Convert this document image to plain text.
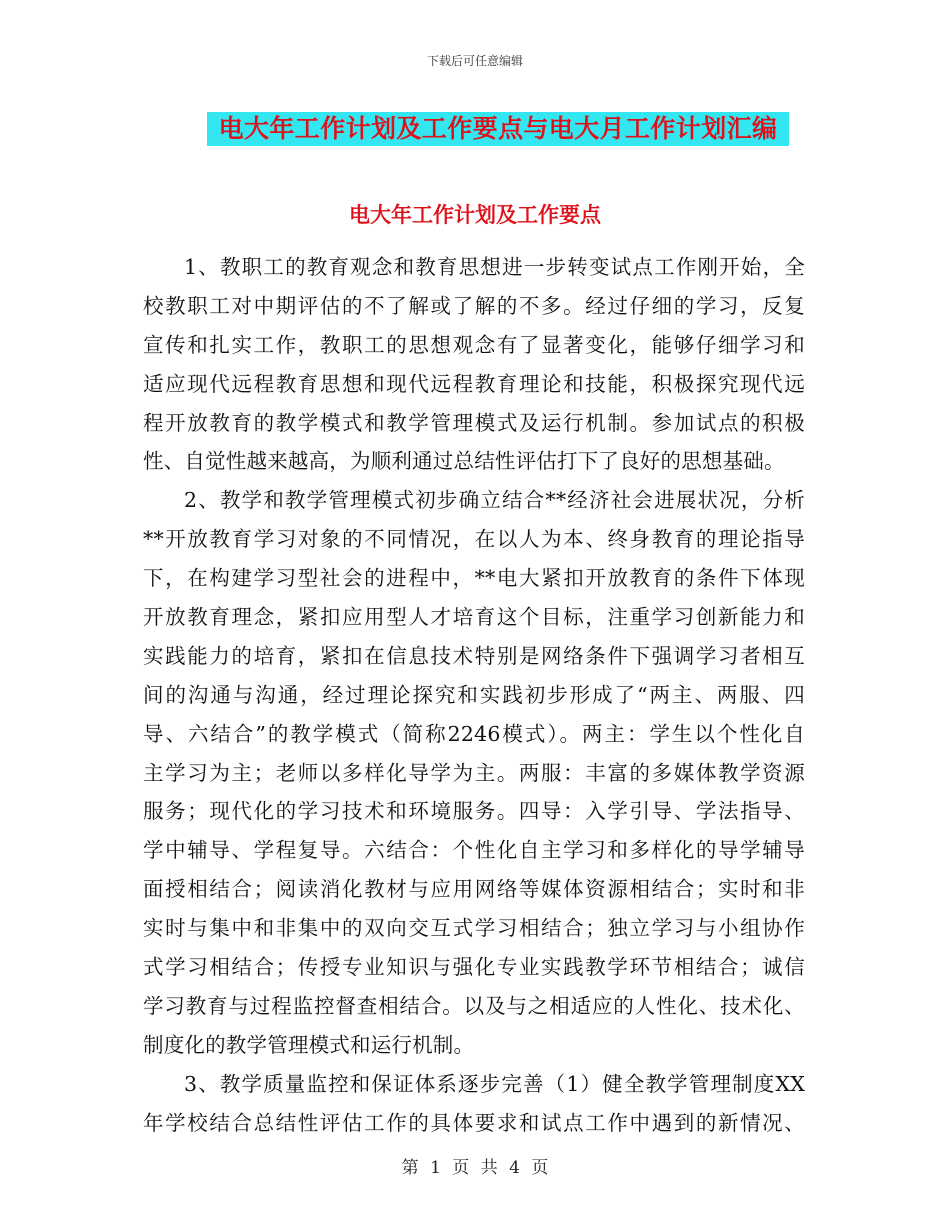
下载后可任意编辑
电大年工作计划及工作要点与电大月工作计划汇编
电大年工作计划及工作要点
1、教职工的教育观念和教育思想进一步转变试点工作刚开始，全
校教职工对中期评估的不了解或了解的不多。经过仔细的学习，反复
宣传和扎实工作，教职工的思想观念有了显著变化，能够仔细学习和
适应现代远程教育思想和现代远程教育理论和技能，积极探究现代远
程开放教育的教学模式和教学管理模式及运行机制。参加试点的积极
性、自觉性越来越高，为顺利通过总结性评估打下了良好的思想基础。
2、教学和教学管理模式初步确立结合**经济社会进展状况，分析
**开放教育学习对象的不同情况，在以人为本、终身教育的理论指导
下，在构建学习型社会的进程中，**电大紧扣开放教育的条件下体现
开放教育理念，紧扣应用型人才培育这个目标，注重学习创新能力和
实践能力的培育，紧扣在信息技术特别是网络条件下强调学习者相互
间的沟通与沟通，经过理论探究和实践初步形成了“两主、两服、四
导、六结合”的教学模式（简称2246模式）。两主：学生以个性化自
主学习为主；老师以多样化导学为主。两服：丰富的多媒体教学资源
服务；现代化的学习技术和环境服务。四导：入学引导、学法指导、
学中辅导、学程复导。六结合：个性化自主学习和多样化的导学辅导
面授相结合；阅读消化教材与应用网络等媒体资源相结合；实时和非
实时与集中和非集中的双向交互式学习相结合；独立学习与小组协作
式学习相结合；传授专业知识与强化专业实践教学环节相结合；诚信
学习教育与过程监控督查相结合。以及与之相适应的人性化、技术化、
制度化的教学管理模式和运行机制。
3、教学质量监控和保证体系逐步完善（1）健全教学管理制度XX
年学校结合总结性评估工作的具体要求和试点工作中遇到的新情况、
第 1 页 共 4 页
